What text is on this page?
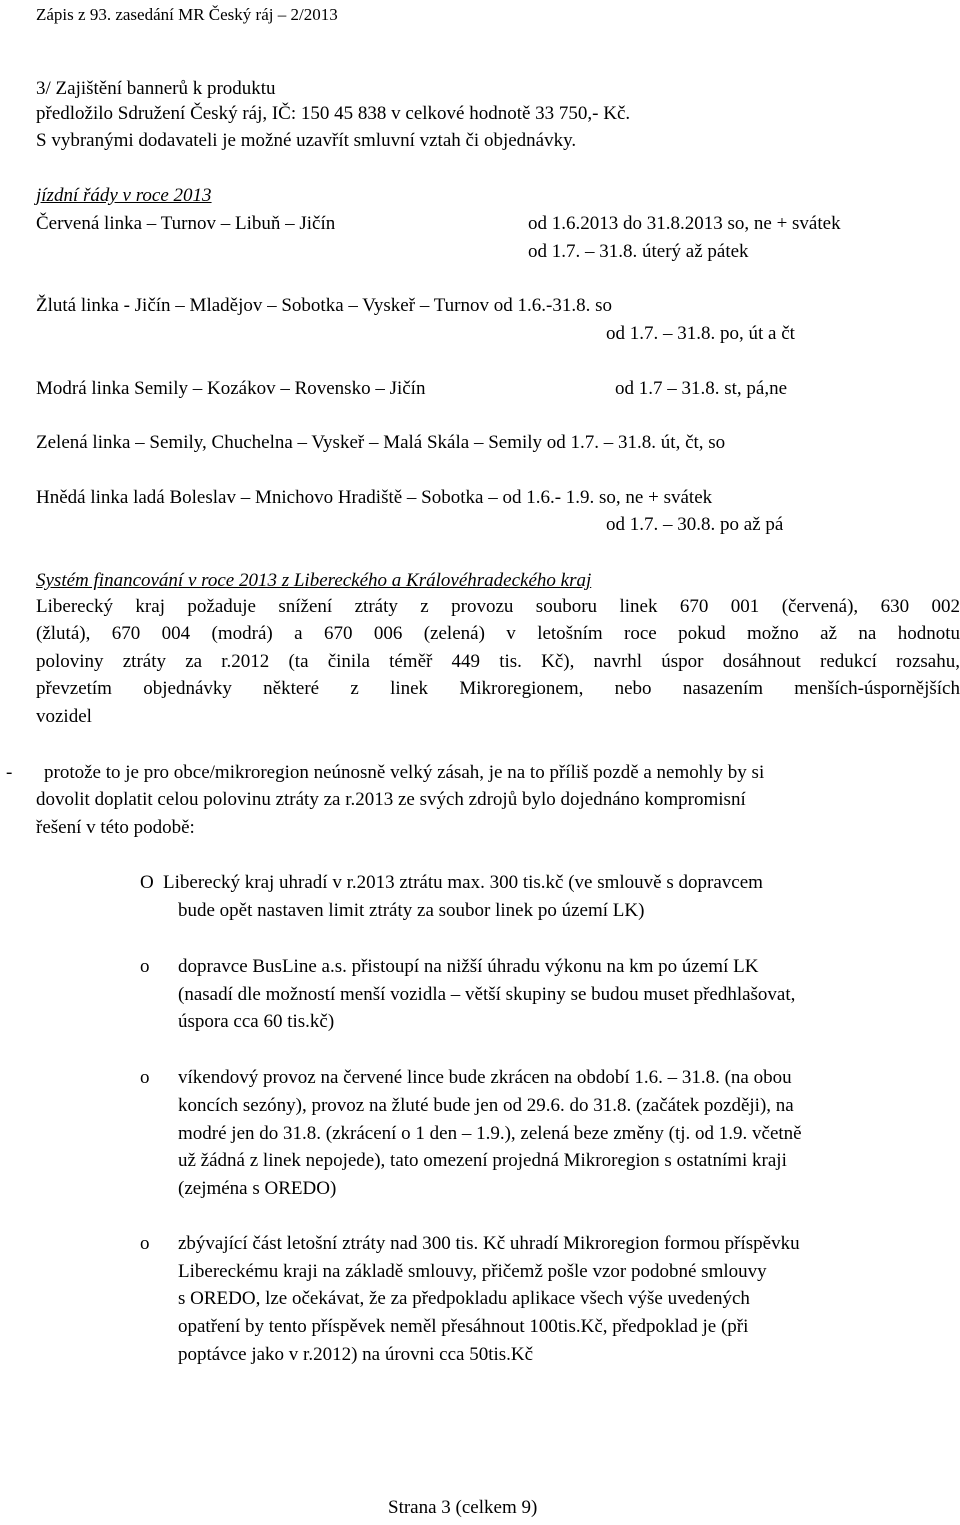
Zápis z 93. zasedání MR Český ráj – 2/2013
3/ Zajištění bannerů k produktu
předložilo Sdružení Český ráj, IČ: 150 45 838 v celkové hodnotě 33 750,- Kč.
S vybranými dodavateli je možné uzavřít smluvní vztah či objednávky.
jízdní řády v roce 2013
Červená linka – Turnov – Libuň – Jičín	od 1.6.2013 do 31.8.2013 so, ne + svátek
od 1.7. – 31.8. úterý až pátek
Žlutá linka - Jičín – Mladějov – Sobotka – Vyskeř – Turnov od 1.6.-31.8. so
od 1.7. – 31.8. po, út a čt
Modrá linka Semily – Kozákov – Rovensko – Jičín	od 1.7 – 31.8. st, pá,ne
Zelená linka – Semily, Chuchelna – Vyskeř – Malá Skála – Semily od 1.7. – 31.8. út, čt, so
Hnědá linka ladá Boleslav – Mnichovo Hradiště – Sobotka – od 1.6.- 1.9. so, ne + svátek
od 1.7. – 30.8. po až pá
Systém financování v roce 2013 z Libereckého a Královéhradeckého kraj
Liberecký kraj požaduje snížení ztráty z provozu souboru linek 670 001 (červená), 630 002
(žlutá), 670 004 (modrá) a 670 006 (zelená) v letošním roce pokud možno až na hodnotu
poloviny ztráty za r.2012 (ta činila téměř 449 tis. Kč), navrhl úspor dosáhnout redukcí rozsahu,
převzetím objednávky některé z linek Mikroregionem, nebo nasazením menších-úspornějších
vozidel
- protože to je pro obce/mikroregion neúnosně velký zásah, je na to příliš pozdě a nemohly by si
dovolit doplatit celou polovinu ztráty za r.2013 ze svých zdrojů bylo dojednáno kompromisní
řešení v této podobě:
O Liberecký kraj uhradí v r.2013 ztrátu max. 300 tis.kč (ve smlouvě s dopravcem
bude opět nastaven limit ztráty za soubor linek po území LK)
o dopravce BusLine a.s. přistoupí na nižší úhradu výkonu na km po území LK
(nasadí dle možností menší vozidla – větší skupiny se budou muset předhlašovat,
úspora cca 60 tis.kč)
o víkendový provoz na červené lince bude zkrácen na období 1.6. – 31.8. (na obou
koncích sezóny), provoz na žluté bude jen od 29.6. do 31.8. (začátek později), na
modré jen do 31.8. (zkrácení o 1 den – 1.9.), zelená beze změny (tj. od 1.9. včetně
už žádná z linek nepojede), tato omezení projedná Mikroregion s ostatními kraji
(zejména s OREDO)
o zbývající část letošní ztráty nad 300 tis. Kč uhradí Mikroregion formou příspěvku
Libereckému kraji na základě smlouvy, přičemž pošle vzor podobné smlouvy
s OREDO, lze očekávat, že za předpokladu aplikace všech výše uvedených
opatření by tento příspěvek neměl přesáhnout 100tis.Kč, předpoklad je (při
poptávce jako v r.2012) na úrovni cca 50tis.Kč
Strana 3 (celkem 9)
